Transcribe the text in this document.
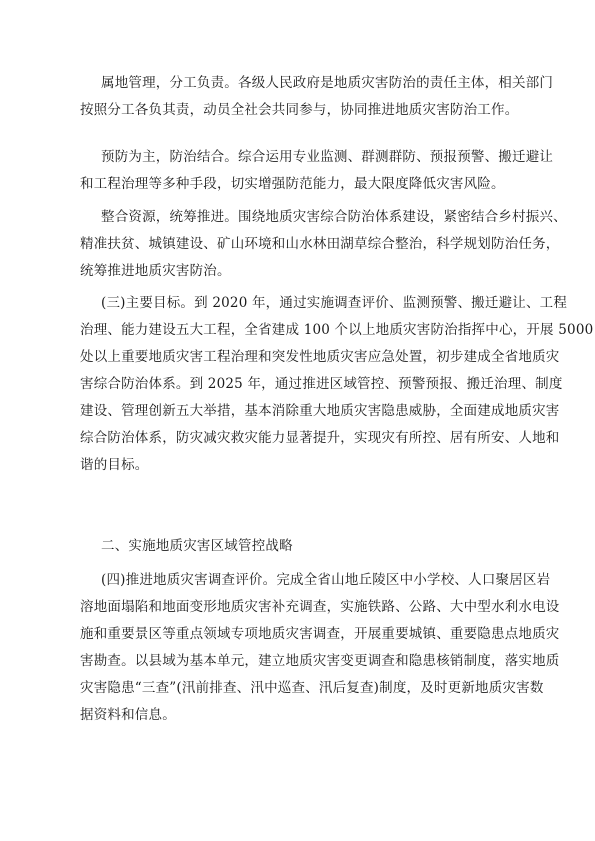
属地管理，分工负责。各级人民政府是地质灾害防治的责任主体，相关部门
按照分工各负其责，动员全社会共同参与，协同推进地质灾害防治工作。
预防为主，防治结合。综合运用专业监测、群测群防、预报预警、搬迁避让
和工程治理等多种手段，切实增强防范能力，最大限度降低灾害风险。
整合资源，统筹推进。围绕地质灾害综合防治体系建设，紧密结合乡村振兴、
精准扶贫、城镇建设、矿山环境和山水林田湖草综合整治，科学规划防治任务，
统筹推进地质灾害防治。
(三)主要目标。到 2020 年，通过实施调查评价、监测预警、搬迁避让、工程
治理、能力建设五大工程，全省建成 100 个以上地质灾害防治指挥中心，开展 5000
处以上重要地质灾害工程治理和突发性地质灾害应急处置，初步建成全省地质灾
害综合防治体系。到 2025 年，通过推进区域管控、预警预报、搬迁治理、制度
建设、管理创新五大举措，基本消除重大地质灾害隐患威胁，全面建成地质灾害
综合防治体系，防灾减灾救灾能力显著提升，实现灾有所控、居有所安、人地和
谐的目标。
二、实施地质灾害区域管控战略
(四)推进地质灾害调查评价。完成全省山地丘陵区中小学校、人口聚居区岩
溶地面塌陷和地面变形地质灾害补充调查，实施铁路、公路、大中型水利水电设
施和重要景区等重点领域专项地质灾害调查，开展重要城镇、重要隐患点地质灾
害勘查。以县域为基本单元，建立地质灾害变更调查和隐患核销制度，落实地质
灾害隐患“三查”(汛前排查、汛中巡查、汛后复查)制度，及时更新地质灾害数
据资料和信息。
